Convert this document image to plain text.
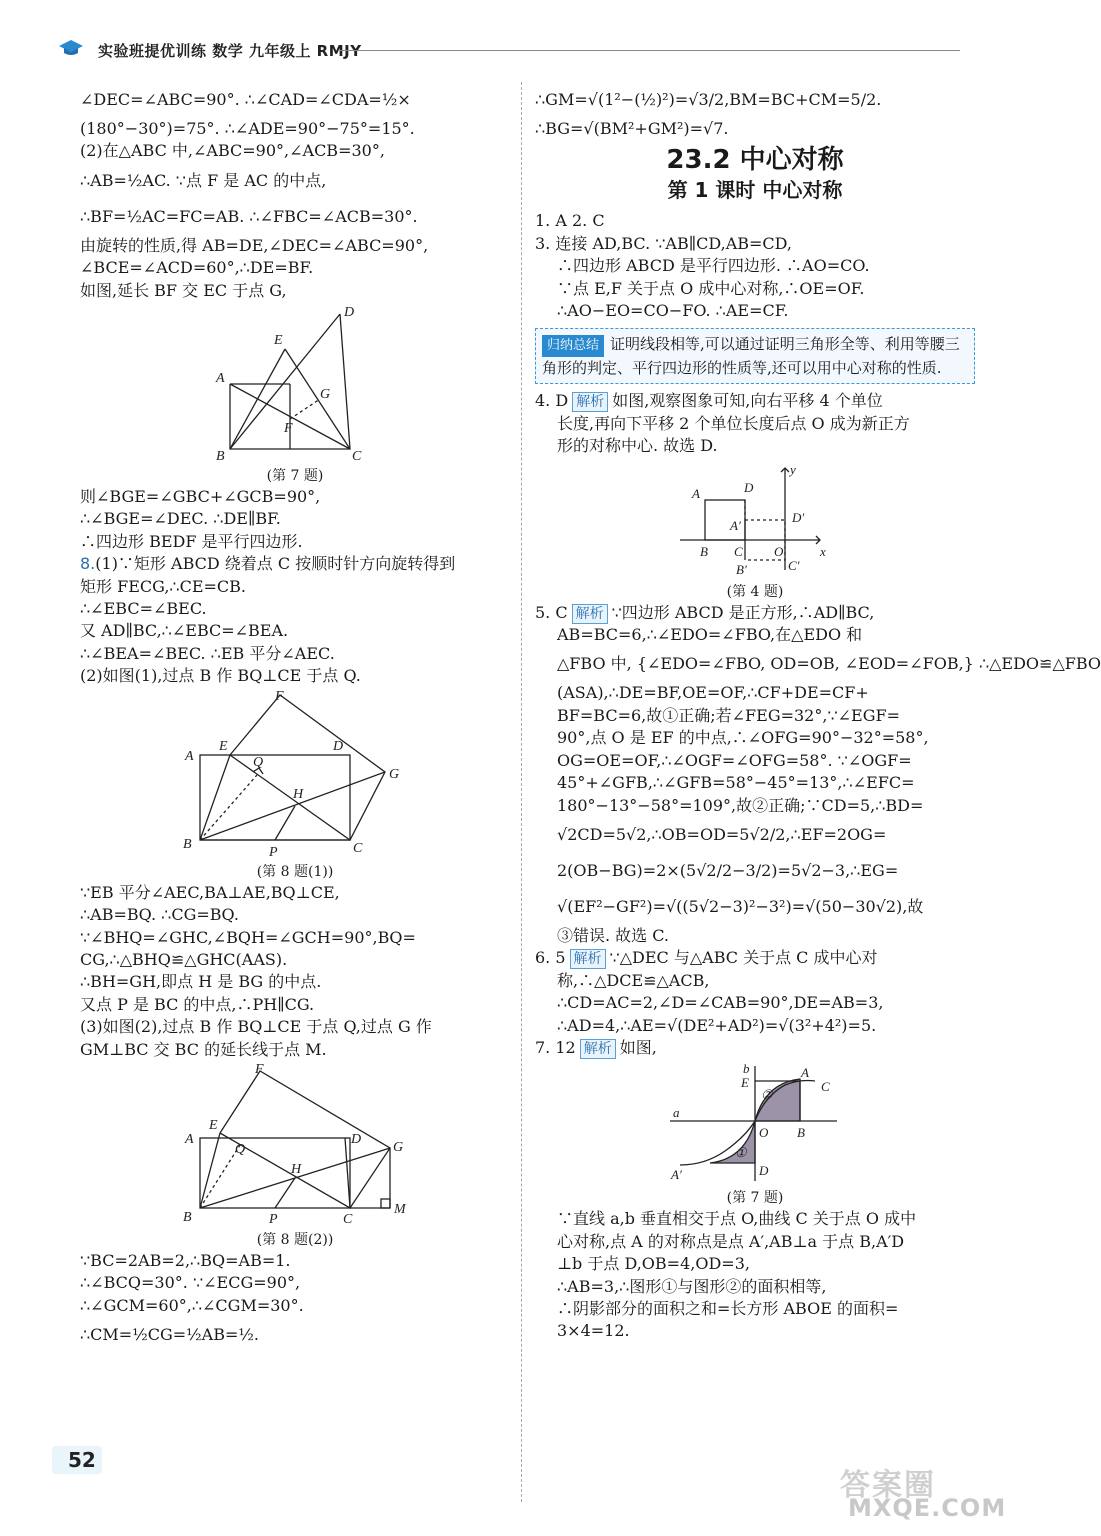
实验班提优训练 数学 九年级上 RMJY
∠DEC=∠ABC=90°. ∴∠CAD=∠CDA=½×
(180°−30°)=75°. ∴∠ADE=90°−75°=15°.
(2)在△ABC 中,∠ABC=90°,∠ACB=30°,
∴AB=½AC. ∵点 F 是 AC 的中点,
∴BF=½AC=FC=AB. ∴∠FBC=∠ACB=30°.
由旋转的性质,得 AB=DE,∠DEC=∠ABC=90°,
∠BCE=∠ACD=60°,∴DE=BF.
如图,延长 BF 交 EC 于点 G,
D
E
A
G
F
B	C
(第 7 题)
则∠BGE=∠GBC+∠GCB=90°,
∴∠BGE=∠DEC. ∴DE∥BF.
∴四边形 BEDF 是平行四边形.
8.(1)∵矩形 ABCD 绕着点 C 按顺时针方向旋转得到
矩形 FECG,∴CE=CB.
∴∠EBC=∠BEC.
又 AD∥BC,∴∠EBC=∠BEA.
∴∠BEA=∠BEC. ∴EB 平分∠AEC.
(2)如图(1),过点 B 作 BQ⊥CE 于点 Q.
F
A
E
Q
D
G
H
B
P	C
(第 8 题(1))
∵EB 平分∠AEC,BA⊥AE,BQ⊥CE,
∴AB=BQ. ∴CG=BQ.
∵∠BHQ=∠GHC,∠BQH=∠GCH=90°,BQ=
CG,∴△BHQ≌△GHC(AAS).
∴BH=GH,即点 H 是 BG 的中点.
又点 P 是 BC 的中点,∴PH∥CG.
(3)如图(2),过点 B 作 BQ⊥CE 于点 Q,过点 G 作
GM⊥BC 交 BC 的延长线于点 M.
F
E
A
Q
D
G
H
B	P	C
M
(第 8 题(2))
∵BC=2AB=2,∴BQ=AB=1.
∴∠BCQ=30°. ∵∠ECG=90°,
∴∠GCM=60°,∴∠CGM=30°.
∴CM=½CG=½AB=½.
∴GM=√(1²−(½)²)=√3/2,BM=BC+CM=5/2.
∴BG=√(BM²+GM²)=√7.
23.2 中心对称
第 1 课时 中心对称
1. A 2. C
3. 连接 AD,BC. ∵AB∥CD,AB=CD,
∴四边形 ABCD 是平行四边形. ∴AO=CO.
∵点 E,F 关于点 O 成中心对称,∴OE=OF.
∴AO−EO=CO−FO. ∴AE=CF.
归纳总结 证明线段相等,可以通过证明三角形全等、利用等腰三角形的判定、平行四边形的性质等,还可以用中心对称的性质.
4. D 解析 如图,观察图象可知,向右平移 4 个单位
长度,再向下平移 2 个单位长度后点 O 成为新正方
形的对称中心. 故选 D.
A	D
y
A′
D′
B C O	x
B′	C′
(第 4 题)
5. C 解析 ∵四边形 ABCD 是正方形,∴AD∥BC,
AB=BC=6,∴∠EDO=∠FBO,在△EDO 和
△FBO 中, {∠EDO=∠FBO, OD=OB, ∠EOD=∠FOB,} ∴△EDO≌△FBO
(ASA),∴DE=BF,OE=OF,∴CF+DE=CF+
BF=BC=6,故①正确;若∠FEG=32°,∵∠EGF=
90°,点 O 是 EF 的中点,∴∠OFG=90°−32°=58°,
OG=OE=OF,∴∠OGF=∠OFG=58°. ∵∠OGF=
45°+∠GFB,∴∠GFB=58°−45°=13°,∴∠EFC=
180°−13°−58°=109°,故②正确;∵CD=5,∴BD=
√2CD=5√2,∴OB=OD=5√2/2,∴EF=2OG=
2(OB−BG)=2×(5√2/2−3/2)=5√2−3,∴EG=
√(EF²−GF²)=√((5√2−3)²−3²)=√(50−30√2),故
③错误. 故选 C.
6. 5 解析 ∵△DEC 与△ABC 关于点 C 成中心对
称,∴△DCE≌△ACB,
∴CD=AC=2,∠D=∠CAB=90°,DE=AB=3,
∴AD=4,∴AE=√(DE²+AD²)=√(3²+4²)=5.
7. 12 解析 如图,
b
E
②
A
C
a
O B
A′
①
D
(第 7 题)
∵直线 a,b 垂直相交于点 O,曲线 C 关于点 O 成中
心对称,点 A 的对称点是点 A′,AB⊥a 于点 B,A′D
⊥b 于点 D,OB=4,OD=3,
∴AB=3,∴图形①与图形②的面积相等,
∴阴影部分的面积之和=长方形 ABOE 的面积=
3×4=12.
52
答案圈
MXQE.COM
